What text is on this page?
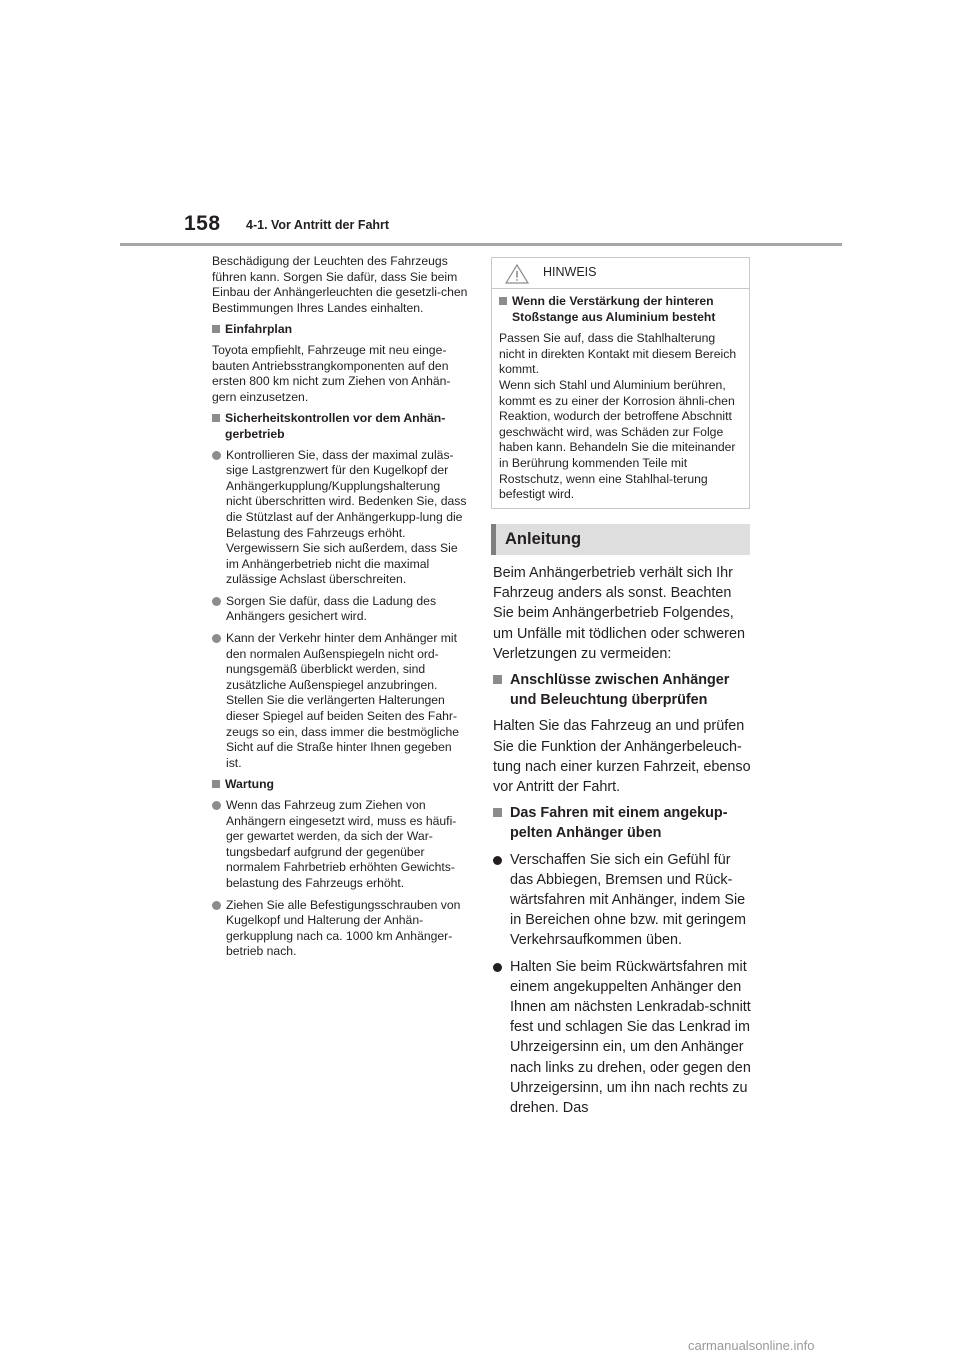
158 4-1. Vor Antritt der Fahrt

Beschädigung der Leuchten des Fahrzeugs führen kann. Sorgen Sie dafür, dass Sie beim Einbau der Anhängerleuchten die gesetzli-chen Bestimmungen Ihres Landes einhalten.

Einfahrplan

Toyota empfiehlt, Fahrzeuge mit neu einge-bauten Antriebsstrangkomponenten auf den ersten 800 km nicht zum Ziehen von Anhän-gern einzusetzen.

Sicherheitskontrollen vor dem Anhän-gerbetrieb
Kontrollieren Sie, dass der maximal zuläs-sige Lastgrenzwert für den Kugelkopf der Anhängerkupplung/Kupplungshalterung nicht überschritten wird. Bedenken Sie, dass die Stützlast auf der Anhängerkupp-lung die Belastung des Fahrzeugs erhöht. Vergewissern Sie sich außerdem, dass Sie im Anhängerbetrieb nicht die maximal zulässige Achslast überschreiten.
Sorgen Sie dafür, dass die Ladung des Anhängers gesichert wird.
Kann der Verkehr hinter dem Anhänger mit den normalen Außenspiegeln nicht ord-nungsgemäß überblickt werden, sind zusätzliche Außenspiegel anzubringen. Stellen Sie die verlängerten Halterungen dieser Spiegel auf beiden Seiten des Fahr-zeugs so ein, dass immer die bestmögliche Sicht auf die Straße hinter Ihnen gegeben ist.
Wartung
Wenn das Fahrzeug zum Ziehen von Anhängern eingesetzt wird, muss es häufi-ger gewartet werden, da sich der War-tungsbedarf aufgrund der gegenüber normalem Fahrbetrieb erhöhten Gewichts-belastung des Fahrzeugs erhöht.
Ziehen Sie alle Befestigungsschrauben von Kugelkopf und Halterung der Anhän-gerkupplung nach ca. 1000 km Anhänger-betrieb nach.
HINWEIS

Wenn die Verstärkung der hinteren Stoßstange aus Aluminium besteht

Passen Sie auf, dass die Stahlhalterung nicht in direkten Kontakt mit diesem Bereich kommt.

Wenn sich Stahl und Aluminium berühren, kommt es zu einer der Korrosion ähnli-chen Reaktion, wodurch der betroffene Abschnitt geschwächt wird, was Schäden zur Folge haben kann. Behandeln Sie die miteinander in Berührung kommenden Teile mit Rostschutz, wenn eine Stahlhal-terung befestigt wird.

Anleitung

Beim Anhängerbetrieb verhält sich Ihr Fahrzeug anders als sonst. Beachten Sie beim Anhängerbetrieb Folgendes, um Unfälle mit tödlichen oder schweren Verletzungen zu vermeiden:

Anschlüsse zwischen Anhänger und Beleuchtung überprüfen

Halten Sie das Fahrzeug an und prüfen Sie die Funktion der Anhängerbeleuch-tung nach einer kurzen Fahrzeit, ebenso vor Antritt der Fahrt.

Das Fahren mit einem angekup-pelten Anhänger üben
Verschaffen Sie sich ein Gefühl für das Abbiegen, Bremsen und Rück-wärtsfahren mit Anhänger, indem Sie in Bereichen ohne bzw. mit geringem Verkehrsaufkommen üben.
Halten Sie beim Rückwärtsfahren mit einem angekuppelten Anhänger den Ihnen am nächsten Lenkradab-schnitt fest und schlagen Sie das Lenkrad im Uhrzeigersinn ein, um den Anhänger nach links zu drehen, oder gegen den Uhrzeigersinn, um ihn nach rechts zu drehen. Das
carmanualsonline.info
